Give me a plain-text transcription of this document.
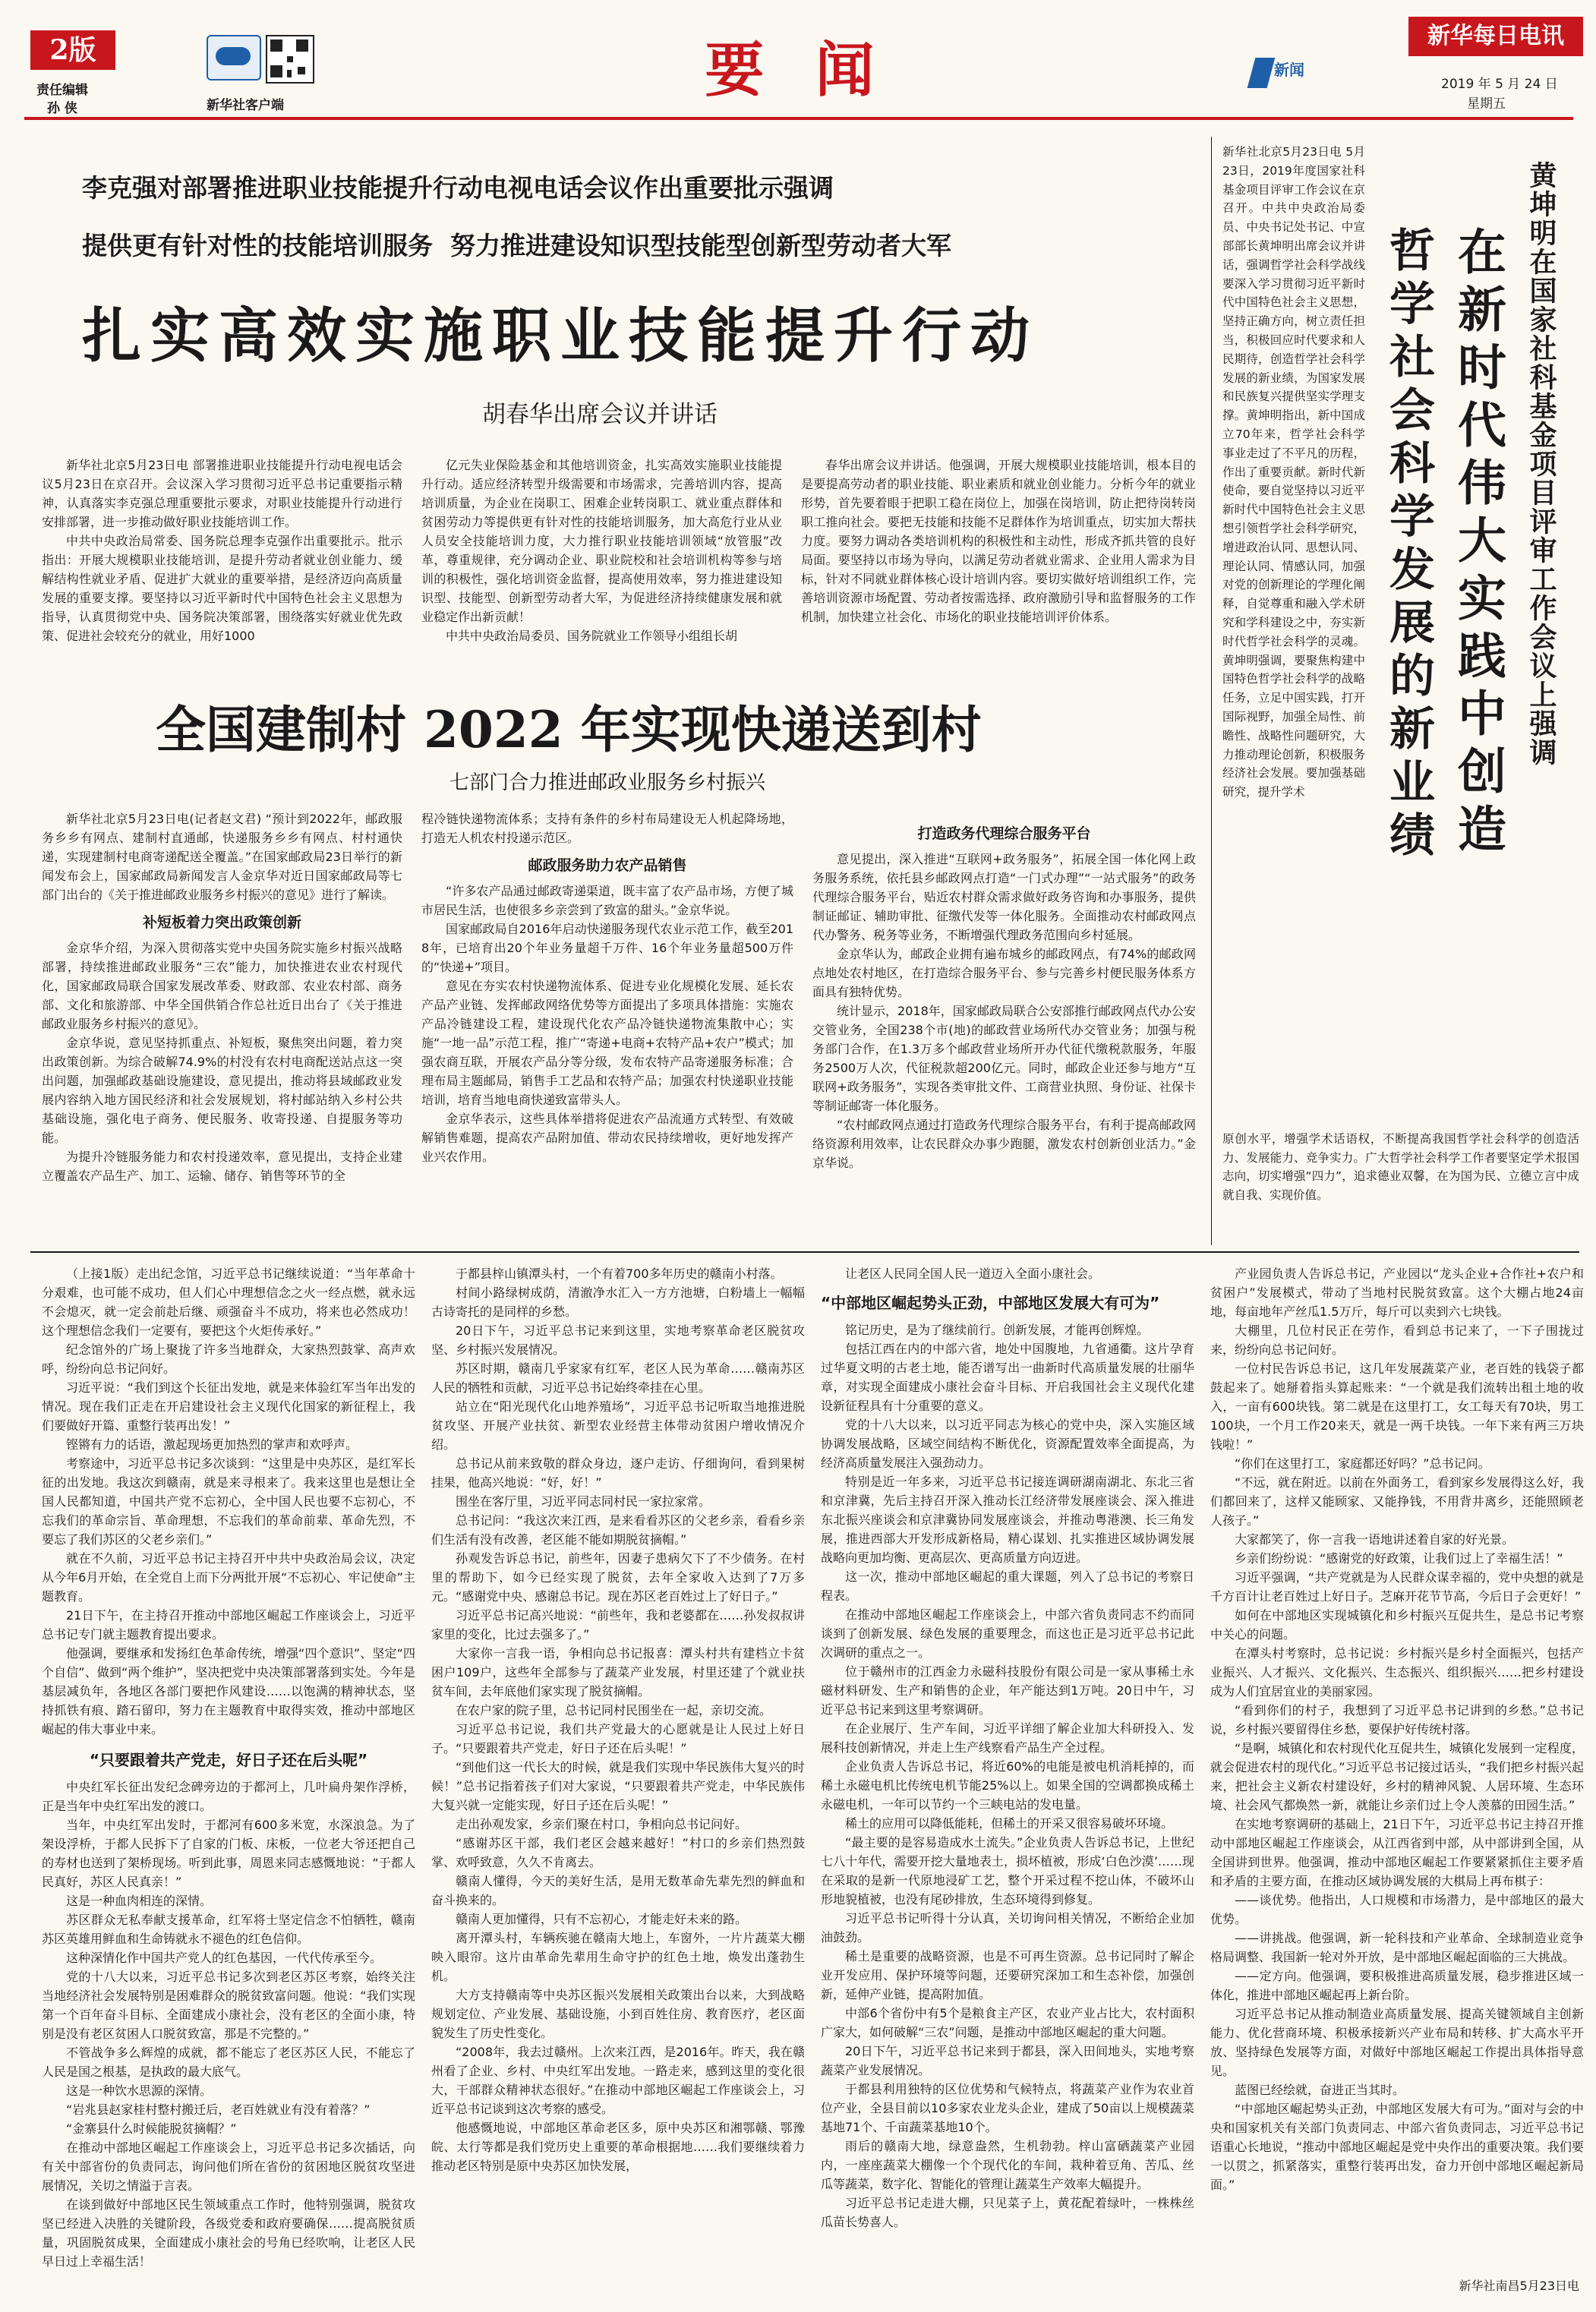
2版
责任编辑
孙 侠	新华社客户端
要 闻	新华每日电讯
新闻
2019 年 5 月 24 日
星期五
李克强对部署推进职业技能提升行动电视电话会议作出重要批示强调
提供更有针对性的技能培训服务  努力推进建设知识型技能型创新型劳动者大军
扎实高效实施职业技能提升行动
胡春华出席会议并讲话

新华社北京5月23日电 部署推进职业技能提升行动电视电话会议5月23日在京召开。会议深入学习贯彻习近平总书记重要指示精神，认真落实李克强总理重要批示要求，对职业技能提升行动进行安排部署，进一步推动做好职业技能培训工作。

中共中央政治局常委、国务院总理李克强作出重要批示。批示指出：开展大规模职业技能培训，是提升劳动者就业创业能力、缓解结构性就业矛盾、促进扩大就业的重要举措，是经济迈向高质量发展的重要支撑。要坚持以习近平新时代中国特色社会主义思想为指导，认真贯彻党中央、国务院决策部署，围绕落实好就业优先政策、促进社会较充分的就业，用好1000

亿元失业保险基金和其他培训资金，扎实高效实施职业技能提升行动。适应经济转型升级需要和市场需求，完善培训内容，提高培训质量，为企业在岗职工、困难企业转岗职工、就业重点群体和贫困劳动力等提供更有针对性的技能培训服务，加大高危行业从业人员安全技能培训力度，大力推行职业技能培训领域“放管服”改革，尊重规律，充分调动企业、职业院校和社会培训机构等参与培训的积极性，强化培训资金监督，提高使用效率，努力推进建设知识型、技能型、创新型劳动者大军，为促进经济持续健康发展和就业稳定作出新贡献！

中共中央政治局委员、国务院就业工作领导小组组长胡

春华出席会议并讲话。他强调，开展大规模职业技能培训，根本目的是要提高劳动者的职业技能、职业素质和就业创业能力。分析今年的就业形势，首先要着眼于把职工稳在岗位上，加强在岗培训，防止把待岗转岗职工推向社会。要把无技能和技能不足群体作为培训重点，切实加大帮扶力度。要努力调动各类培训机构的积极性和主动性，形成齐抓共管的良好局面。要坚持以市场为导向，以满足劳动者就业需求、企业用人需求为目标，针对不同就业群体核心设计培训内容。要切实做好培训组织工作，完善培训资源市场配置、劳动者按需选择、政府激励引导和监督服务的工作机制，加快建立社会化、市场化的职业技能培训评价体系。

新华社北京5月23日电 5月23日，2019年度国家社科基金项目评审工作会议在京召开。中共中央政治局委员、中央书记处书记、中宣部部长黄坤明出席会议并讲话，强调哲学社会科学战线要深入学习贯彻习近平新时代中国特色社会主义思想，坚持正确方向，树立责任担当，积极回应时代要求和人民期待，创造哲学社会科学发展的新业绩，为国家发展和民族复兴提供坚实学理支撑。黄坤明指出，新中国成立70年来，哲学社会科学事业走过了不平凡的历程，作出了重要贡献。新时代新使命，要自觉坚持以习近平新时代中国特色社会主义思想引领哲学社会科学研究，增进政治认同、思想认同、理论认同、情感认同，加强对党的创新理论的学理化阐释，自觉尊重和融入学术研究和学科建设之中，夯实新时代哲学社会科学的灵魂。黄坤明强调，要聚焦构建中国特色哲学社会科学的战略任务，立足中国实践，打开国际视野，加强全局性、前瞻性、战略性问题研究，大力推动理论创新，积极服务经济社会发展。要加强基础研究，提升学术

黄坤明在国家社科基金项目评审工作会议上强调
在新时代伟大实践中创造
哲学社会科学发展的新业绩

原创水平，增强学术话语权，不断提高我国哲学社会科学的创造活力、发展能力、竞争实力。广大哲学社会科学工作者要坚定学术报国志向，切实增强“四力”，追求德业双馨，在为国为民、立德立言中成就自我、实现价值。

全国建制村 2022 年实现快递送到村
七部门合力推进邮政业服务乡村振兴

新华社北京5月23日电(记者赵文君) “预计到2022年，邮政服务乡乡有网点、建制村直通邮，快递服务乡乡有网点、村村通快递，实现建制村电商寄递配送全覆盖。”在国家邮政局23日举行的新闻发布会上，国家邮政局新闻发言人金京华对近日国家邮政局等七部门出台的《关于推进邮政业服务乡村振兴的意见》进行了解读。

补短板着力突出政策创新

金京华介绍，为深入贯彻落实党中央国务院实施乡村振兴战略部署，持续推进邮政业服务“三农”能力，加快推进农业农村现代化，国家邮政局联合国家发展改革委、财政部、农业农村部、商务部、文化和旅游部、中华全国供销合作总社近日出台了《关于推进邮政业服务乡村振兴的意见》。

金京华说，意见坚持抓重点、补短板，聚焦突出问题，着力突出政策创新。为综合破解74.9%的村没有农村电商配送站点这一突出问题，加强邮政基础设施建设，意见提出，推动将县域邮政业发展内容纳入地方国民经济和社会发展规划，将村邮站纳入乡村公共基础设施，强化电子商务、便民服务、收寄投递、自提服务等功能。

为提升冷链服务能力和农村投递效率，意见提出，支持企业建立覆盖农产品生产、加工、运输、储存、销售等环节的全

程冷链快递物流体系；支持有条件的乡村布局建设无人机起降场地，打造无人机农村投递示范区。

邮政服务助力农产品销售

“许多农产品通过邮政寄递渠道，既丰富了农产品市场，方便了城市居民生活，也使很多乡亲尝到了致富的甜头。”金京华说。

国家邮政局自2016年启动快递服务现代农业示范工作，截至2018年，已培育出20个年业务量超千万件、16个年业务量超500万件的“快递+”项目。

意见在夯实农村快递物流体系、促进专业化规模化发展、延长农产品产业链、发挥邮政网络优势等方面提出了多项具体措施：实施农产品冷链建设工程，建设现代化农产品冷链快递物流集散中心；实施“一地一品”示范工程，推广“寄递+电商+农特产品+农户”模式；加强农商互联，开展农产品分等分级，发布农特产品寄递服务标准；合理布局主题邮局，销售手工艺品和农特产品；加强农村快递职业技能培训，培育当地电商快递致富带头人。

金京华表示，这些具体举措将促进农产品流通方式转型、有效破解销售难题，提高农产品附加值、带动农民持续增收，更好地发挥产业兴农作用。

打造政务代理综合服务平台

意见提出，深入推进“互联网+政务服务”，拓展全国一体化网上政务服务系统，依托县乡邮政网点打造“一门式办理”“一站式服务”的政务代理综合服务平台，贴近农村群众需求做好政务咨询和办事服务，提供制证邮证、辅助审批、征缴代发等一体化服务。全面推动农村邮政网点代办警务、税务等业务，不断增强代理政务范围向乡村延展。

金京华认为，邮政企业拥有遍布城乡的邮政网点，有74%的邮政网点地处农村地区，在打造综合服务平台、参与完善乡村便民服务体系方面具有独特优势。

统计显示，2018年，国家邮政局联合公安部推行邮政网点代办公安交管业务，全国238个市(地)的邮政营业场所代办交管业务；加强与税务部门合作，在1.3万多个邮政营业场所开办代征代缴税款服务，年服务2500万人次，代征税款超200亿元。同时，邮政企业还参与地方“互联网+政务服务”，实现各类审批文件、工商营业执照、身份证、社保卡等制证邮寄一体化服务。

“农村邮政网点通过打造政务代理综合服务平台，有利于提高邮政网络资源利用效率，让农民群众办事少跑腿，激发农村创新创业活力。”金京华说。

（上接1版）走出纪念馆，习近平总书记继续说道：“当年革命十分艰难，也可能不成功，但人们心中理想信念之火一经点燃，就永远不会熄灭，就一定会前赴后继、顽强奋斗不成功，将来也必然成功！这个理想信念我们一定要有，要把这个火炬传承好。”

纪念馆外的广场上聚拢了许多当地群众，大家热烈鼓掌、高声欢呼，纷纷向总书记问好。

习近平说：“我们到这个长征出发地，就是来体验红军当年出发的情况。现在我们正走在开启建设社会主义现代化国家的新征程上，我们要做好开篇、重整行装再出发！”

铿锵有力的话语，激起现场更加热烈的掌声和欢呼声。

考察途中，习近平总书记多次谈到：“这里是中央苏区，是红军长征的出发地。我这次到赣南，就是来寻根来了。我来这里也是想让全国人民都知道，中国共产党不忘初心，全中国人民也要不忘初心，不忘我们的革命宗旨、革命理想，不忘我们的革命前辈、革命先烈，不要忘了我们苏区的父老乡亲们。”

就在不久前，习近平总书记主持召开中共中央政治局会议，决定从今年6月开始，在全党自上而下分两批开展“不忘初心、牢记使命”主题教育。

21日下午，在主持召开推动中部地区崛起工作座谈会上，习近平总书记专门就主题教育提出要求。

他强调，要继承和发扬红色革命传统，增强“四个意识”、坚定“四个自信”、做到“两个维护”，坚决把党中央决策部署落到实处。今年是基层减负年，各地区各部门要把作风建设……以饱满的精神状态，坚持抓铁有痕、踏石留印，努力在主题教育中取得实效，推动中部地区崛起的伟大事业中来。

“只要跟着共产党走，好日子还在后头呢”

中央红军长征出发纪念碑旁边的于都河上，几叶扁舟架作浮桥，正是当年中央红军出发的渡口。

当年，中央红军出发时，于都河有600多米宽，水深浪急。为了架设浮桥，于都人民拆下了自家的门板、床板，一位老大爷还把自己的寿材也送到了架桥现场。听到此事，周恩来同志感慨地说：“于都人民真好，苏区人民真亲！”

这是一种血肉相连的深情。

苏区群众无私奉献支援革命，红军将士坚定信念不怕牺牲，赣南苏区英雄用鲜血和生命铸就永不褪色的红色信仰。

这种深情化作中国共产党人的红色基因，一代代传承至今。

党的十八大以来，习近平总书记多次到老区苏区考察，始终关注当地经济社会发展特别是困难群众的脱贫致富问题。他说：“我们实现第一个百年奋斗目标、全面建成小康社会，没有老区的全面小康，特别是没有老区贫困人口脱贫致富，那是不完整的。”

不管战争多么辉煌的成就，都不能忘了老区苏区人民，不能忘了人民是国之根基，是执政的最大底气。

这是一种饮水思源的深情。

“岩兆县赵家桂村整村搬迁后，老百姓就业有没有着落？”

“金寨县什么时候能脱贫摘帽？”

在推动中部地区崛起工作座谈会上，习近平总书记多次插话，向有关中部省份的负责同志，询问他们所在省份的贫困地区脱贫攻坚进展情况，关切之情溢于言表。

在谈到做好中部地区民生领域重点工作时，他特别强调，脱贫攻坚已经进入决胜的关键阶段，各级党委和政府要确保……提高脱贫质量，巩固脱贫成果，全面建成小康社会的号角已经吹响，让老区人民早日过上幸福生活！

于都县梓山镇潭头村，一个有着700多年历史的赣南小村落。

村间小路绿树成荫，清澈净水汇入一方方池塘，白粉墙上一幅幅古诗寄托的是同样的乡愁。

20日下午，习近平总书记来到这里，实地考察革命老区脱贫攻坚、乡村振兴发展情况。

苏区时期，赣南几乎家家有红军，老区人民为革命……赣南苏区人民的牺牲和贡献，习近平总书记始终牵挂在心里。

站立在“阳光现代化山地养殖场”，习近平总书记听取当地推进脱贫攻坚、开展产业扶贫、新型农业经营主体带动贫困户增收情况介绍。

总书记从前来致敬的群众身边，逐户走访、仔细询问，看到果树挂果，他高兴地说：“好，好！”

围坐在客厅里，习近平同志同村民一家拉家常。

总书记问：“我这次来江西，是来看看苏区的父老乡亲，看看乡亲们生活有没有改善，老区能不能如期脱贫摘帽。”

孙观发告诉总书记，前些年，因妻子患病欠下了不少债务。在村里的帮助下，如今已经实现了脱贫，去年全家收入达到了7万多元。“感谢党中央、感谢总书记。现在苏区老百姓过上了好日子。”

习近平总书记高兴地说：“前些年，我和老婆都在……孙发叔叔讲家里的变化，比过去强多了。”

大家你一言我一语，争相向总书记报喜：潭头村共有建档立卡贫困户109户，这些年全部参与了蔬菜产业发展，村里还建了个就业扶贫车间，去年底他们家实现了脱贫摘帽。

在农户家的院子里，总书记同村民围坐在一起，亲切交流。

习近平总书记说，我们共产党最大的心愿就是让人民过上好日子。“只要跟着共产党走，好日子还在后头呢！”

“到他们这一代长大的时候，就是我们实现中华民族伟大复兴的时候！”总书记指着孩子们对大家说，“只要跟着共产党走，中华民族伟大复兴就一定能实现，好日子还在后头呢！”

走出孙观发家，乡亲们聚在村口，争相向总书记问好。

“感谢苏区干部，我们老区会越来越好！”村口的乡亲们热烈鼓掌、欢呼致意，久久不肯离去。

赣南人懂得，今天的美好生活，是用无数革命先辈先烈的鲜血和奋斗换来的。

赣南人更加懂得，只有不忘初心，才能走好未来的路。

离开潭头村，车辆疾驰在赣南大地上，车窗外，一片片蔬菜大棚映入眼帘。这片由革命先辈用生命守护的红色土地，焕发出蓬勃生机。

大方支持赣南等中央苏区振兴发展相关政策出台以来，大到战略规划定位、产业发展、基础设施，小到百姓住房、教育医疗，老区面貌发生了历史性变化。

“2008年，我去过赣州。上次来江西，是2016年。昨天，我在赣州看了企业、乡村、中央红军出发地。一路走来，感到这里的变化很大，干部群众精神状态很好。”在推动中部地区崛起工作座谈会上，习近平总书记谈到这次考察的感受。

他感慨地说，中部地区革命老区多，原中央苏区和湘鄂赣、鄂豫皖、太行等都是我们党历史上重要的革命根据地……我们要继续着力推动老区特别是原中央苏区加快发展，

让老区人民同全国人民一道迈入全面小康社会。

“中部地区崛起势头正劲，中部地区发展大有可为”

铭记历史，是为了继续前行。创新发展，才能再创辉煌。

包括江西在内的中部六省，地处中国腹地，九省通衢。这片孕育过华夏文明的古老土地，能否谱写出一曲新时代高质量发展的壮丽华章，对实现全面建成小康社会奋斗目标、开启我国社会主义现代化建设新征程具有十分重要的意义。

党的十八大以来，以习近平同志为核心的党中央，深入实施区域协调发展战略，区域空间结构不断优化，资源配置效率全面提高，为经济高质量发展注入强劲动力。

特别是近一年多来，习近平总书记接连调研湖南湖北、东北三省和京津冀，先后主持召开深入推动长江经济带发展座谈会、深入推进东北振兴座谈会和京津冀协同发展座谈会，并推动粤港澳、长三角发展，推进西部大开发形成新格局，精心谋划、扎实推进区域协调发展战略向更加均衡、更高层次、更高质量方向迈进。

这一次，推动中部地区崛起的重大课题，列入了总书记的考察日程表。

在推动中部地区崛起工作座谈会上，中部六省负责同志不约而同谈到了创新发展、绿色发展的重要理念，而这也正是习近平总书记此次调研的重点之一。

位于赣州市的江西金力永磁科技股份有限公司是一家从事稀土永磁材料研发、生产和销售的企业，年产能达到1万吨。20日中午，习近平总书记来到这里考察调研。

在企业展厅、生产车间，习近平详细了解企业加大科研投入、发展科技创新情况，并走上生产线察看产品生产全过程。

企业负责人告诉总书记，将近60%的电能是被电机消耗掉的，而稀土永磁电机比传统电机节能25%以上。如果全国的空调都换成稀土永磁电机，一年可以节约一个三峡电站的发电量。

稀土的应用可以降低能耗，但稀土的开采又很容易破坏环境。

“最主要的是容易造成水土流失。”企业负责人告诉总书记，上世纪七八十年代，需要开挖大量地表土，损坏植被，形成‘白色沙漠’……现在采取的是新一代原地浸矿工艺，整个开采过程不挖山体，不破坏山形地貌植被，也没有尾砂排放，生态环境得到修复。

习近平总书记听得十分认真，关切询问相关情况，不断给企业加油鼓劲。

稀土是重要的战略资源，也是不可再生资源。总书记同时了解企业开发应用、保护环境等问题，还要研究深加工和生态补偿，加强创新，延伸产业链，提高附加值。

中部6个省份中有5个是粮食主产区，农业产业占比大，农村面积广家大，如何破解“三农”问题，是推动中部地区崛起的重大问题。

20日下午，习近平总书记来到于都县，深入田间地头，实地考察蔬菜产业发展情况。

于都县利用独特的区位优势和气候特点，将蔬菜产业作为农业首位产业，全县目前以10多家农业龙头企业，建成了50亩以上规模蔬菜基地71个、千亩蔬菜基地10个。

雨后的赣南大地，绿意盎然，生机勃勃。梓山富硒蔬菜产业园内，一座座蔬菜大棚像一个个现代化的车间，栽种着豆角、苦瓜、丝瓜等蔬菜，数字化、智能化的管理让蔬菜生产效率大幅提升。

习近平总书记走进大棚，只见菜子上，黄花配着绿叶，一株株丝瓜苗长势喜人。

产业园负责人告诉总书记，产业园以“龙头企业+合作社+农户和贫困户”发展模式，带动了当地村民脱贫致富。这个大棚占地24亩地，每亩地年产丝瓜1.5万斤，每斤可以卖到六七块钱。

大棚里，几位村民正在劳作，看到总书记来了，一下子围拢过来，纷纷向总书记问好。

一位村民告诉总书记，这几年发展蔬菜产业，老百姓的钱袋子都鼓起来了。她掰着指头算起账来：“一个就是我们流转出租土地的收入，一亩有600块钱。第二就是在这里打工，女工每天有70块，男工100块，一个月工作20来天，就是一两千块钱。一年下来有两三万块钱啦！”

“你们在这里打工，家庭都还好吗？”总书记问。

“不远，就在附近。以前在外面务工，看到家乡发展得这么好，我们都回来了，这样又能顾家、又能挣钱，不用背井离乡，还能照顾老人孩子。”

大家都笑了，你一言我一语地讲述着自家的好光景。

乡亲们纷纷说：“感谢党的好政策，让我们过上了幸福生活！”

习近平强调，“共产党就是为人民群众谋幸福的，党中央想的就是千方百计让老百姓过上好日子。芝麻开花节节高，今后日子会更好！”

如何在中部地区实现城镇化和乡村振兴互促共生，是总书记考察中关心的问题。

在潭头村考察时，总书记说：乡村振兴是乡村全面振兴，包括产业振兴、人才振兴、文化振兴、生态振兴、组织振兴……把乡村建设成为人们宜居宜业的美丽家园。

“看到你们的村子，我想到了习近平总书记讲到的乡愁。”总书记说，乡村振兴要留得住乡愁，要保护好传统村落。

“是啊，城镇化和农村现代化互促共生，城镇化发展到一定程度，就会促进农村的现代化。”习近平总书记接过话头，“我们把乡村振兴起来，把社会主义新农村建设好，乡村的精神风貌、人居环境、生态环境、社会风气都焕然一新，就能让乡亲们过上令人羡慕的田园生活。”

在实地考察调研的基础上，21日下午，习近平总书记主持召开推动中部地区崛起工作座谈会，从江西省到中部，从中部讲到全国，从全国讲到世界。他强调，推动中部地区崛起工作要紧紧抓住主要矛盾和矛盾的主要方面，在推动区域协调发展的大棋局上再布棋子：

——谈优势。他指出，人口规模和市场潜力，是中部地区的最大优势。

——讲挑战。他强调，新一轮科技和产业革命、全球制造业竞争格局调整、我国新一轮对外开放，是中部地区崛起面临的三大挑战。

——定方向。他强调，要积极推进高质量发展，稳步推进区域一体化，推进中部地区崛起再上新台阶。

习近平总书记从推动制造业高质量发展、提高关键领域自主创新能力、优化营商环境、积极承接新兴产业布局和转移、扩大高水平开放、坚持绿色发展等方面，对做好中部地区崛起工作提出具体指导意见。

蓝图已经绘就，奋进正当其时。

“中部地区崛起势头正劲，中部地区发展大有可为。”面对与会的中央和国家机关有关部门负责同志、中部六省负责同志，习近平总书记语重心长地说，“推动中部地区崛起是党中央作出的重要决策。我们要一以贯之，抓紧落实，重整行装再出发，奋力开创中部地区崛起新局面。”

新华社南昌5月23日电
